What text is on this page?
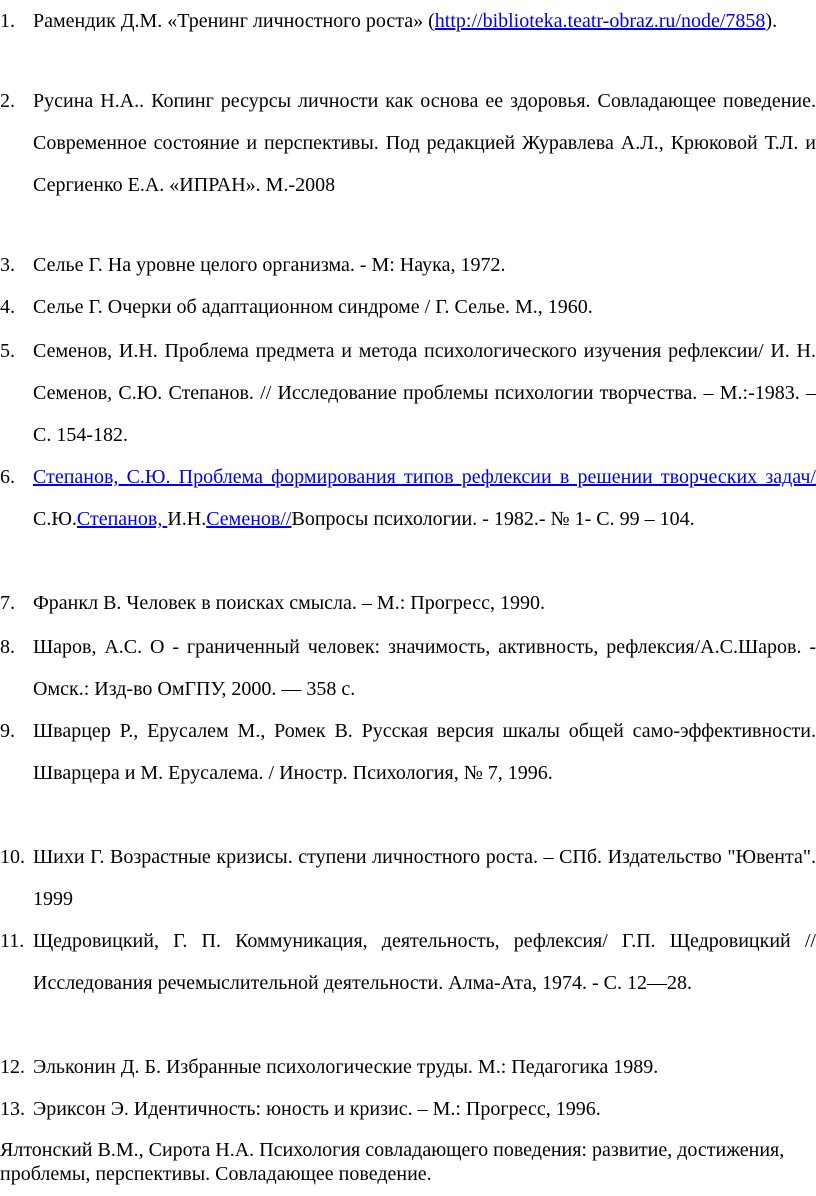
1. Рамендик Д.М. «Тренинг личностного роста» (http://biblioteka.teatr-obraz.ru/node/7858).
2. Русина Н.А.. Копинг ресурсы личности как основа ее здоровья. Совладающее поведение. Современное состояние и перспективы. Под редакцией Журавлева А.Л., Крюковой Т.Л. и Сергиенко Е.А. «ИПРАН». М.-2008
3. Селье Г. На уровне целого организма. - М: Наука, 1972.
4. Селье Г. Очерки об адаптационном синдроме / Г. Селье. М., 1960.
5. Семенов, И.Н. Проблема предмета и метода психологического изучения рефлексии/ И. Н. Семенов, С.Ю. Степанов. // Исследование проблемы психологии творчества. – М.:-1983. – С. 154-182.
6. Степанов, С.Ю. Проблема формирования типов рефлексии в решении творческих задач/ С.Ю.Степанов, И.Н.Семенов//Вопросы психологии. - 1982.- № 1- С. 99 – 104.
7. Франкл В. Человек в поисках смысла. – М.: Прогресс, 1990.
8. Шаров, А.С. О - граниченный человек: значимость, активность, рефлексия/А.С.Шаров. - Омск.: Изд-во ОмГПУ, 2000. — 358 с.
9. Шварцер Р., Ерусалем М., Ромек В. Русская версия шкалы общей само-эффективности. Шварцера и М. Ерусалема. / Иностр. Психология, № 7, 1996.
10. Шихи Г. Возрастные кризисы. ступени личностного роста. – СПб. Издательство "Ювента". 1999
11. Щедровицкий, Г. П. Коммуникация, деятельность, рефлексия/ Г.П. Щедровицкий // Исследования речемыслительной деятельности. Алма-Ата, 1974. - С. 12—28.
12. Эльконин Д. Б. Избранные психологические труды. М.: Педагогика 1989.
13. Эриксон Э. Идентичность: юность и кризис. – М.: Прогресс, 1996.
Ялтонский В.М., Сирота Н.А. Психология совладающего поведения: развитие, достижения, проблемы, перспективы. Совладающее поведение.
